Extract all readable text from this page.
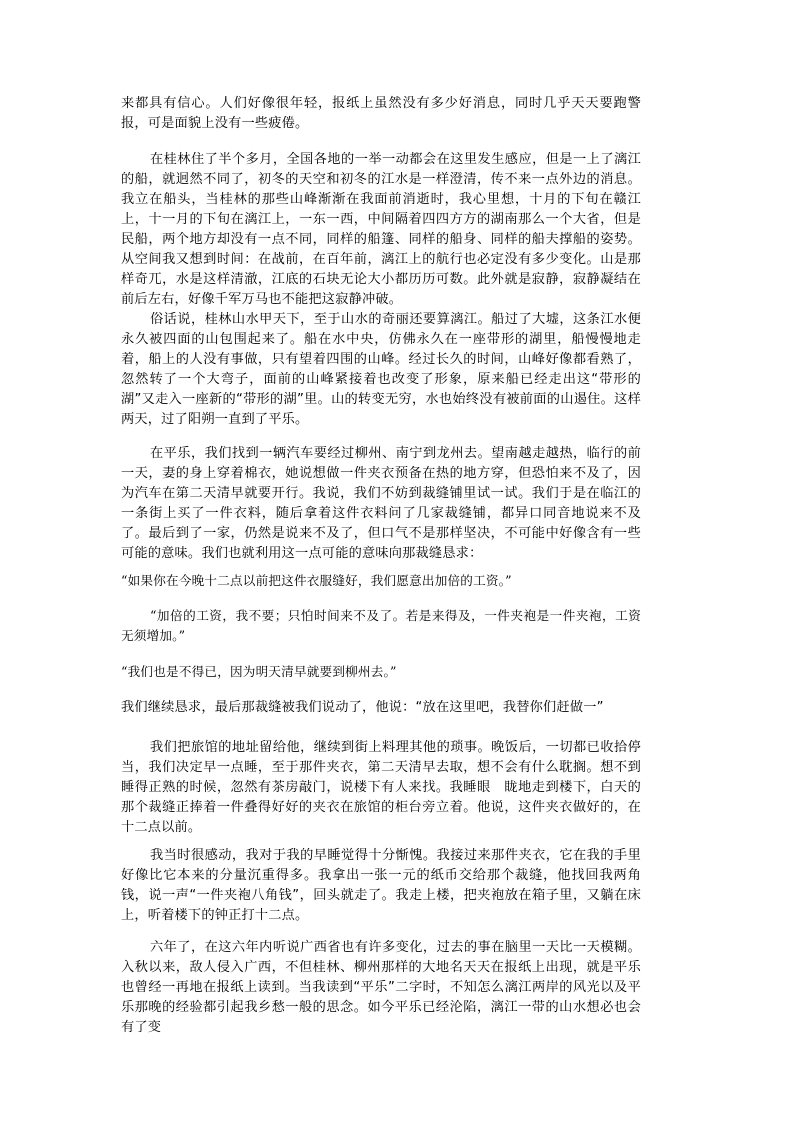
来都具有信心。人们好像很年轻，报纸上虽然没有多少好消息，同时几乎天天要跑警报，可是面貌上没有一些疲倦。

在桂林住了半个多月，全国各地的一举一动都会在这里发生感应，但是一上了漓江的船，就迥然不同了，初冬的天空和初冬的江水是一样澄清，传不来一点外边的消息。我立在船头，当桂林的那些山峰渐渐在我面前消逝时，我心里想，十月的下旬在赣江上，十一月的下旬在漓江上，一东一西，中间隔着四四方方的湖南那么一个大省，但是民船，两个地方却没有一点不同，同样的船篷、同样的船身、同样的船夫撑船的姿势。从空间我又想到时间：在战前，在百年前，漓江上的航行也必定没有多少变化。山是那样奇兀，水是这样清澈，江底的石块无论大小都历历可数。此外就是寂静，寂静凝结在前后左右，好像千军万马也不能把这寂静冲破。

俗话说，桂林山水甲天下，至于山水的奇丽还要算漓江。船过了大墟，这条江水便永久被四面的山包围起来了。船在水中央，仿佛永久在一座带形的湖里，船慢慢地走着，船上的人没有事做，只有望着四围的山峰。经过长久的时间，山峰好像都看熟了，忽然转了一个大弯子，面前的山峰紧接着也改变了形象，原来船已经走出这“带形的湖”又走入一座新的“带形的湖”里。山的转变无穷，水也始终没有被前面的山遏住。这样两天，过了阳朔一直到了平乐。

在平乐，我们找到一辆汽车要经过柳州、南宁到龙州去。望南越走越热，临行的前一天，妻的身上穿着棉衣，她说想做一件夹衣预备在热的地方穿，但恐怕来不及了，因为汽车在第二天清早就要开行。我说，我们不妨到裁缝铺里试一试。我们于是在临江的一条街上买了一件衣料，随后拿着这件衣料问了几家裁缝铺，都异口同音地说来不及了。最后到了一家，仍然是说来不及了，但口气不是那样坚决，不可能中好像含有一些可能的意味。我们也就利用这一点可能的意味向那裁缝恳求：

“如果你在今晚十二点以前把这件衣服缝好，我们愿意出加倍的工资。”

“加倍的工资，我不要；只怕时间来不及了。若是来得及，一件夹袍是一件夹袍，工资无须增加。”

“我们也是不得已，因为明天清早就要到柳州去。”

我们继续恳求，最后那裁缝被我们说动了，他说：“放在这里吧，我替你们赶做一”

我们把旅馆的地址留给他，继续到街上料理其他的琐事。晚饭后，一切都已收拾停当，我们决定早一点睡，至于那件夹衣，第二天清早去取，想不会有什么耽搁。想不到睡得正熟的时候，忽然有茶房敲门，说楼下有人来找。我睡眼　眬地走到楼下，白天的那个裁缝正捧着一件叠得好好的夹衣在旅馆的柜台旁立着。他说，这件夹衣做好的，在十二点以前。

我当时很感动，我对于我的早睡觉得十分惭愧。我接过来那件夹衣，它在我的手里好像比它本来的分量沉重得多。我拿出一张一元的纸币交给那个裁缝，他找回我两角钱，说一声“一件夹袍八角钱”，回头就走了。我走上楼，把夹袍放在箱子里，又躺在床上，听着楼下的钟正打十二点。

六年了，在这六年内听说广西省也有许多变化，过去的事在脑里一天比一天模糊。入秋以来，敌人侵入广西，不但桂林、柳州那样的大地名天天在报纸上出现，就是平乐也曾经一再地在报纸上读到。当我读到“平乐”二字时，不知怎么漓江两岸的风光以及平乐那晚的经验都引起我乡愁一般的思念。如今平乐已经沦陷，漓江一带的山水想必也会有了变
